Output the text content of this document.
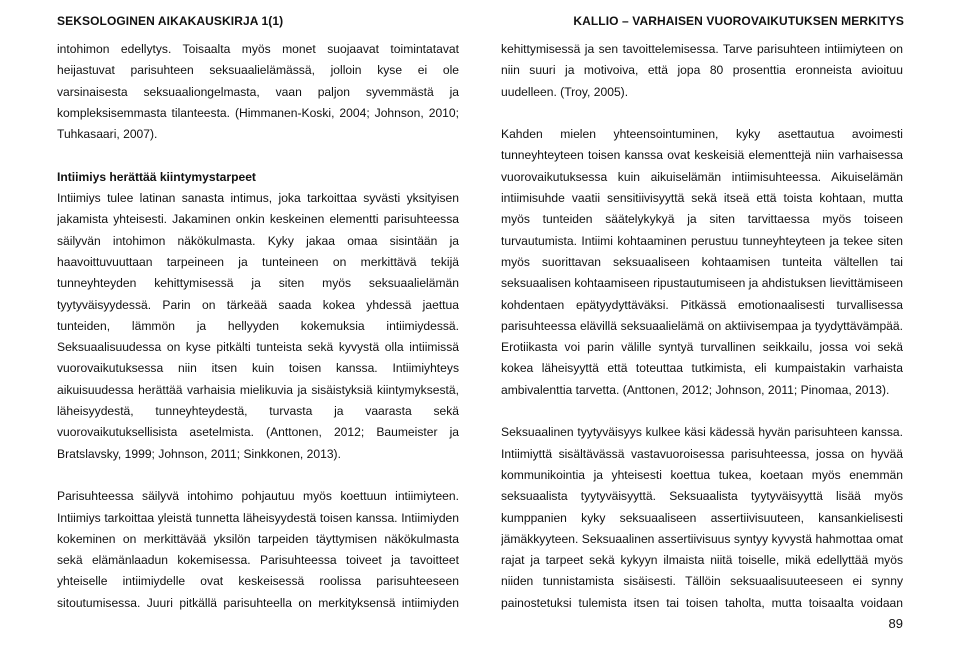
SEKSOLOGINEN AIKAKAUSKIRJA 1(1)	KALLIO – VARHAISEN VUOROVAIKUTUKSEN MERKITYS

intohimon edellytys. Toisaalta myös monet suojaavat toimintatavat
heijastuvat parisuhteen seksuaalielämässä, jolloin kyse ei ole
varsinaisesta seksuaaliongelmasta, vaan paljon syvemmästä ja
kompleksisemmasta tilanteesta. (Himmanen-Koski, 2004; Johnson, 2010;
Tuhkasaari, 2007).

Intiimiys herättää kiintymystarpeet

Intiimiys tulee latinan sanasta intimus, joka tarkoittaa syvästi yksityisen
jakamista yhteisesti. Jakaminen onkin keskeinen elementti parisuhteessa
säilyvän intohimon näkökulmasta. Kyky jakaa omaa sisintään ja
haavoittuvuuttaan tarpeineen ja tunteineen on merkittävä tekijä
tunneyhteyden kehittymisessä ja siten myös seksuaalielämän
tyytyväisyydessä. Parin on tärkeää saada kokea yhdessä jaettua
tunteiden, lämmön ja hellyyden kokemuksia intiimiydessä.
Seksuaalisuudessa on kyse pitkälti tunteista sekä kyvystä olla intiimissä
vuorovaikutuksessa niin itsen kuin toisen kanssa. Intiimiyhteys
aikuisuudessa herättää varhaisia mielikuvia ja sisäistyksiä kiintymyksestä,
läheisyydestä, tunneyhteydestä, turvasta ja vaarasta sekä
vuorovaikutuksellisista asetelmista. (Anttonen, 2012; Baumeister ja
Bratslavsky, 1999; Johnson, 2011; Sinkkonen, 2013).

Parisuhteessa säilyvä intohimo pohjautuu myös koettuun intiimiyteen.
Intiimiys tarkoittaa yleistä tunnetta läheisyydestä toisen kanssa. Intiimiyden
kokeminen on merkittävää yksilön tarpeiden täyttymisen näkökulmasta
sekä elämänlaadun kokemisessa. Parisuhteessa toiveet ja tavoitteet
yhteiselle intiimiydelle ovat keskeisessä roolissa parisuhteeseen
sitoutumisessa. Juuri pitkällä parisuhteella on merkityksensä intiimiyden

kehittymisessä ja sen tavoittelemisessa. Tarve parisuhteen intiimiyteen on
niin suuri ja motivoiva, että jopa 80 prosenttia eronneista avioituu
uudelleen. (Troy, 2005).

Kahden mielen yhteensointuminen, kyky asettautua avoimesti
tunneyhteyteen toisen kanssa ovat keskeisiä elementtejä niin varhaisessa
vuorovaikutuksessa kuin aikuiselämän intiimisuhteessa. Aikuiselämän
intiimisuhde vaatii sensitiivisyyttä sekä itseä että toista kohtaan, mutta
myös tunteiden säätelykykyä ja siten tarvittaessa myös toiseen
turvautumista. Intiimi kohtaaminen perustuu tunneyhteyteen ja tekee siten
myös suorittavan seksuaaliseen kohtaamisen tunteita vältellen tai
seksuaalisen kohtaamiseen ripustautumiseen ja ahdistuksen lievittämiseen
kohdentaen epätyydyttäväksi. Pitkässä emotionaalisesti turvallisessa
parisuhteessa elävillä seksuaalielämä on aktiivisempaa ja tyydyttävämpää.
Erotiikasta voi parin välille syntyä turvallinen seikkailu, jossa voi sekä
kokea läheisyyttä että toteuttaa tutkimista, eli kumpaistakin varhaista
ambivalenttia tarvetta. (Anttonen, 2012; Johnson, 2011; Pinomaa, 2013).

Seksuaalinen tyytyväisyys kulkee käsi kädessä hyvän parisuhteen kanssa.
Intiimiyttä sisältävässä vastavuoroisessa parisuhteessa, jossa on hyvää
kommunikointia ja yhteisesti koettua tukea, koetaan myös enemmän
seksuaalista tyytyväisyyttä. Seksuaalista tyytyväisyyttä lisää myös
kumppanien kyky seksuaaliseen assertiivisuuteen, kansankielisesti
jämäkkyyteen. Seksuaalinen assertiivisuus syntyy kyvystä hahmottaa omat
rajat ja tarpeet sekä kykyyn ilmaista niitä toiselle, mikä edellyttää myös
niiden tunnistamista sisäisesti. Tällöin seksuaalisuuteeseen ei synny
painostetuksi tulemista itsen tai toisen taholta, mutta toisaalta voidaan

89
